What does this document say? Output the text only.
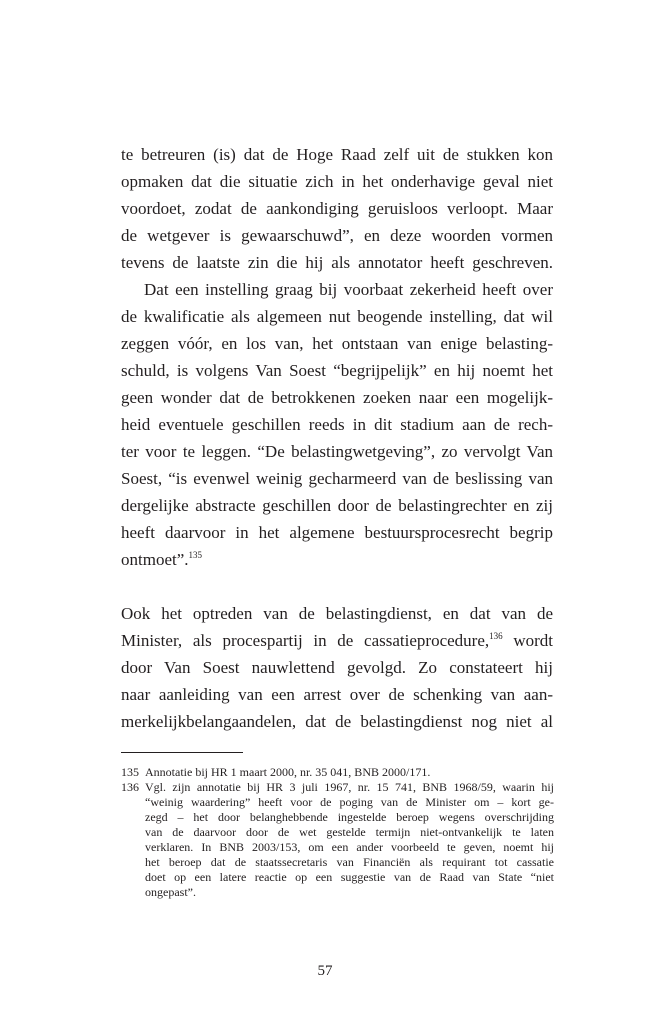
te betreuren (is) dat de Hoge Raad zelf uit de stukken kon
opmaken dat die situatie zich in het onderhavige geval niet
voordoet, zodat de aankondiging geruisloos verloopt. Maar
de wetgever is gewaarschuwd”, en deze woorden vormen
tevens de laatste zin die hij als annotator heeft geschreven.
Dat een instelling graag bij voorbaat zekerheid heeft over
de kwalificatie als algemeen nut beogende instelling, dat wil
zeggen vóór, en los van, het ontstaan van enige belasting-
schuld, is volgens Van Soest “begrijpelijk” en hij noemt het
geen wonder dat de betrokkenen zoeken naar een mogelijk-
heid eventuele geschillen reeds in dit stadium aan de rech-
ter voor te leggen. “De belastingwetgeving”, zo vervolgt Van
Soest, “is evenwel weinig gecharmeerd van de beslissing van
dergelijke abstracte geschillen door de belastingrechter en zij
heeft daarvoor in het algemene bestuursprocesrecht begrip
ontmoet”.$^{135}$
Ook het optreden van de belastingdienst, en dat van de
Minister, als procespartij in de cassatieprocedure,$^{136}$ wordt
door Van Soest nauwlettend gevolgd. Zo constateert hij
naar aanleiding van een arrest over de schenking van aan-
merkelijkbelangaandelen, dat de belastingdienst nog niet al
135 Annotatie bij HR 1 maart 2000, nr. 35 041, BNB 2000/171.
136 Vgl. zijn annotatie bij HR 3 juli 1967, nr. 15 741, BNB 1968/59, waarin hij
“weinig waardering” heeft voor de poging van de Minister om – kort ge-
zegd – het door belanghebbende ingestelde beroep wegens overschrijding
van de daarvoor door de wet gestelde termijn niet-ontvankelijk te laten
verklaren. In BNB 2003/153, om een ander voorbeeld te geven, noemt hij
het beroep dat de staatssecretaris van Financiën als requirant tot cassatie
doet op een latere reactie op een suggestie van de Raad van State “niet
ongepast”.
57
